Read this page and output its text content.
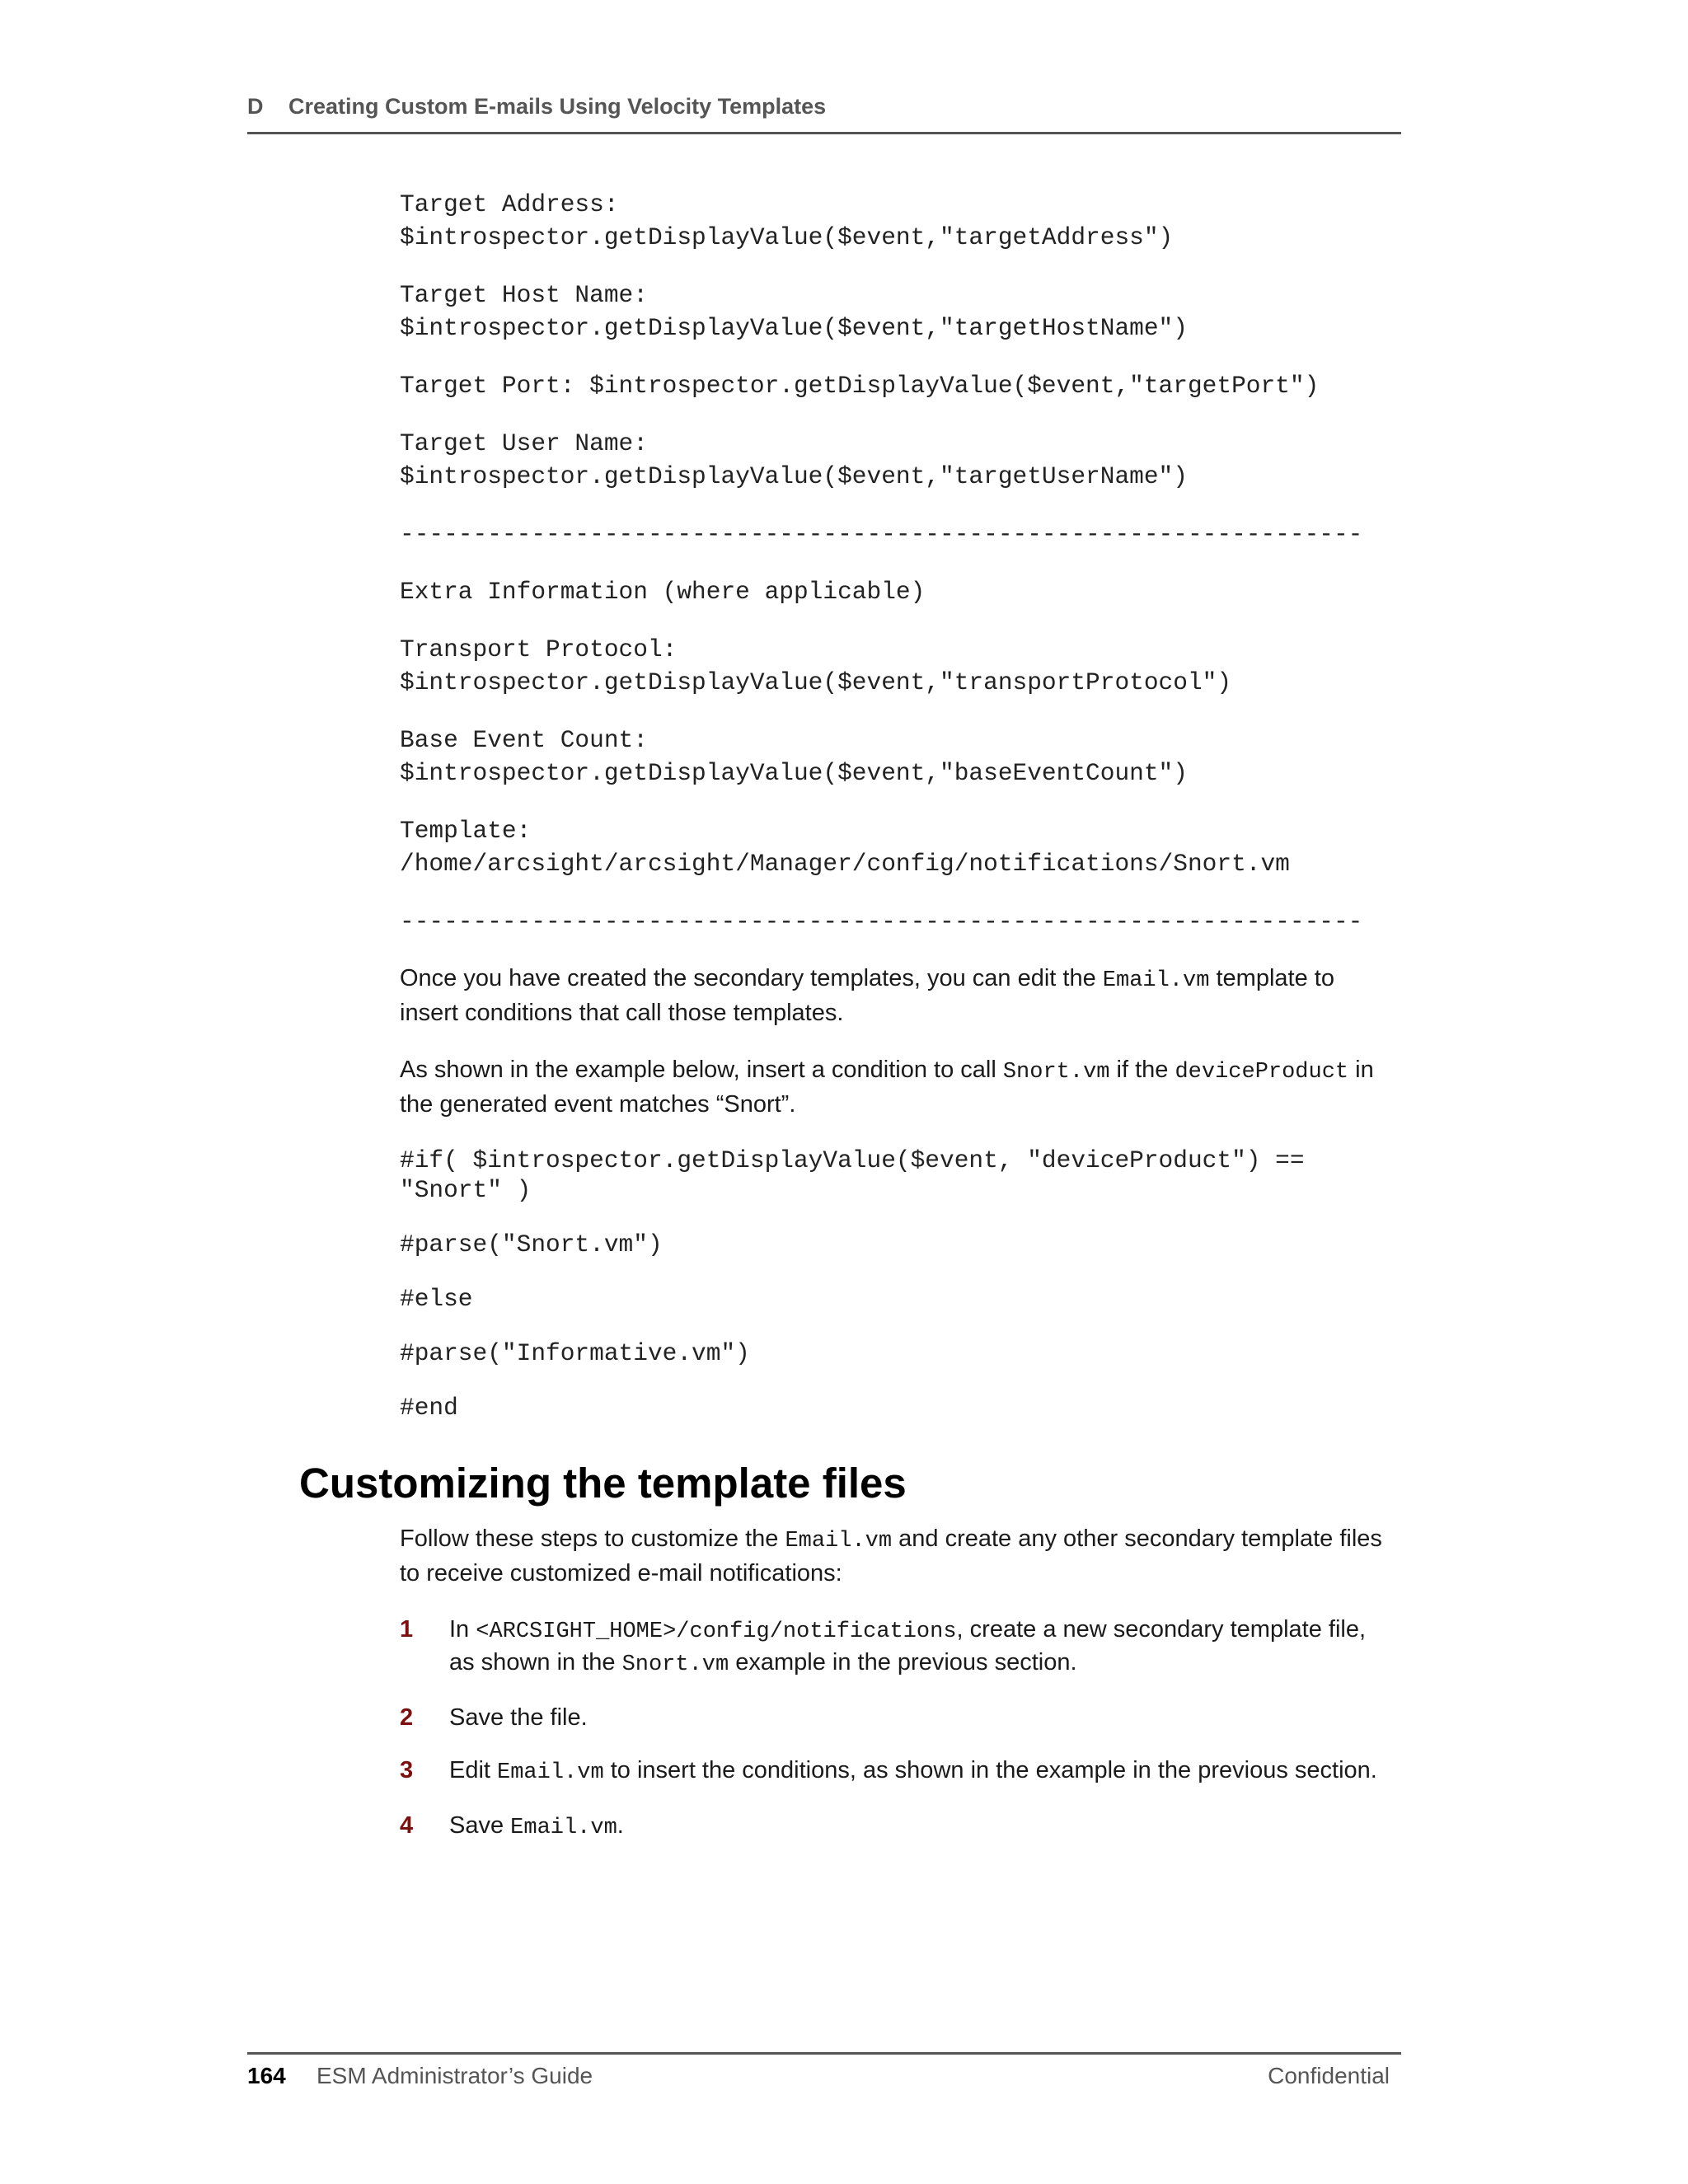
D Creating Custom E-mails Using Velocity Templates
Target Address:
$introspector.getDisplayValue($event,"targetAddress")
Target Host Name:
$introspector.getDisplayValue($event,"targetHostName")
Target Port: $introspector.getDisplayValue($event,"targetPort")
Target User Name:
$introspector.getDisplayValue($event,"targetUserName")
------------------------------------------------------------------
Extra Information (where applicable)
Transport Protocol:
$introspector.getDisplayValue($event,"transportProtocol")
Base Event Count:
$introspector.getDisplayValue($event,"baseEventCount")
Template:
/home/arcsight/arcsight/Manager/config/notifications/Snort.vm
------------------------------------------------------------------
Once you have created the secondary templates, you can edit the Email.vm template to insert conditions that call those templates.
As shown in the example below, insert a condition to call Snort.vm if the deviceProduct in the generated event matches “Snort”.
#if( $introspector.getDisplayValue($event, "deviceProduct") == "Snort" )
#parse("Snort.vm")
#else
#parse("Informative.vm")
#end
Customizing the template files
Follow these steps to customize the Email.vm and create any other secondary template files to receive customized e-mail notifications:
1 In <ARCSIGHT_HOME>/config/notifications, create a new secondary template file, as shown in the Snort.vm example in the previous section.
2 Save the file.
3 Edit Email.vm to insert the conditions, as shown in the example in the previous section.
4 Save Email.vm.
164 ESM Administrator’s Guide	Confidential
